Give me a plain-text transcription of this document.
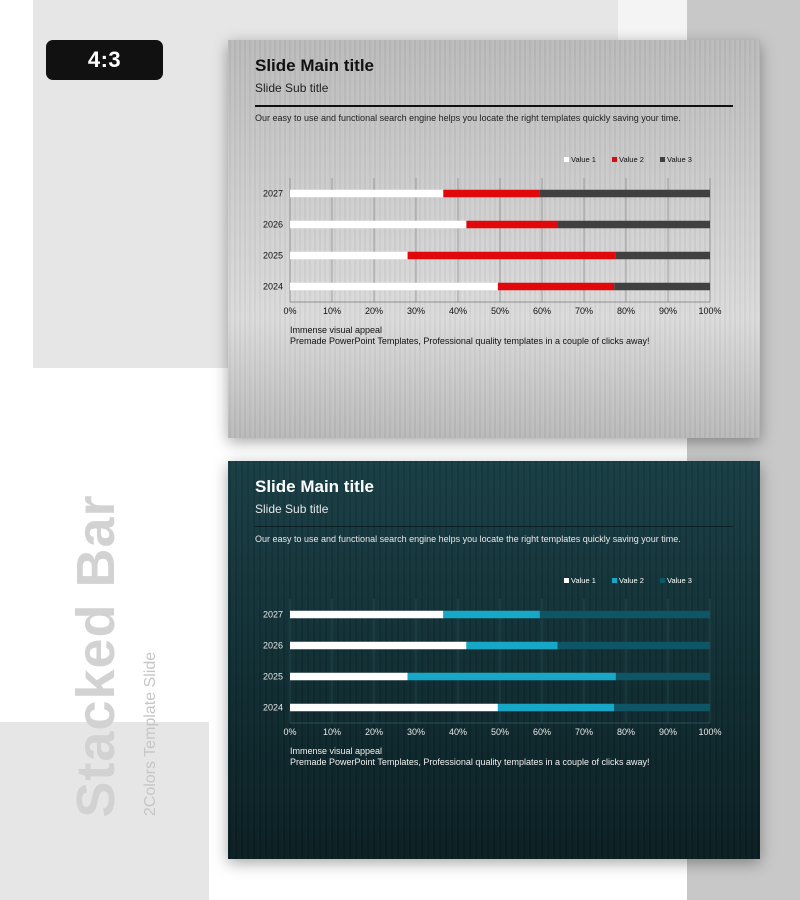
4:3
Stacked Bar 2Colors Template Slide
Slide Main title
Slide Sub title
Our easy to use and functional search engine helps you locate the right templates quickly saving your time.
0%	10%	20%	30%	40%	50%	60%	70%	80%	90% 100%
2027
2026
2025
2024
Value 1	Value 2	Value 3
Immense visual appeal
Premade PowerPoint Templates, Professional quality templates in a couple of clicks away!
Slide Main title
Slide Sub title
Our easy to use and functional search engine helps you locate the right templates quickly saving your time.
0%	10%	20%	30%	40%	50%	60%	70%	80%	90% 100%
2027
2026
2025
2024
Value 1	Value 2	Value 3
Immense visual appeal
Premade PowerPoint Templates, Professional quality templates in a couple of clicks away!
